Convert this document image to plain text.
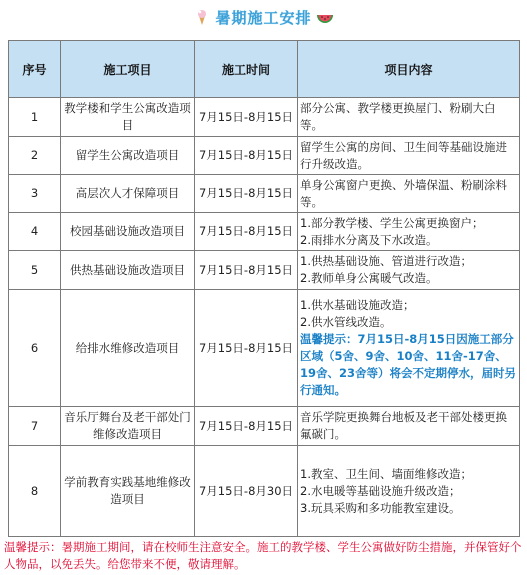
暑期施工安排
序号	施工项目	施工时间	项目内容
1	教学楼和学生公寓改造项目	7月15日-8月15日	部分公寓、教学楼更换屋门、粉刷大白等。

2	留学生公寓改造项目	7月15日-8月15日	留学生公寓的房间、卫生间等基础设施进行升级改造。

3	高层次人才保障项目	7月15日-8月15日	单身公寓窗户更换、外墙保温、粉刷涂料等。

4	校园基础设施改造项目	7月15日-8月15日	1.部分教学楼、学生公寓更换窗户；
2.雨排水分离及下水改造。

5	供热基础设施改造项目	7月15日-8月15日	1.供热基础设施、管道进行改造；
2.教师单身公寓暖气改造。

6	给排水维修改造项目	7月15日-8月15日	1.供水基础设施改造；
2.供水管线改造。
温馨提示：7月15日-8月15日因施工部分区域（5舍、9舍、10舍、11舍-17舍、19舍、23舍等）将会不定期停水，届时另行通知。

7	音乐厅舞台及老干部处门维修改造项目	7月15日-8月15日	音乐学院更换舞台地板及老干部处楼更换氟碳门。

8	学前教育实践基地维修改造项目	7月15日-8月30日	1.教室、卫生间、墙面维修改造；
2.水电暖等基础设施升级改造；
3.玩具采购和多功能教室建设。
温馨提示：暑期施工期间，请在校师生注意安全。施工的教学楼、学生公寓做好防尘措施，并保管好个人物品，以免丢失。给您带来不便，敬请理解。
